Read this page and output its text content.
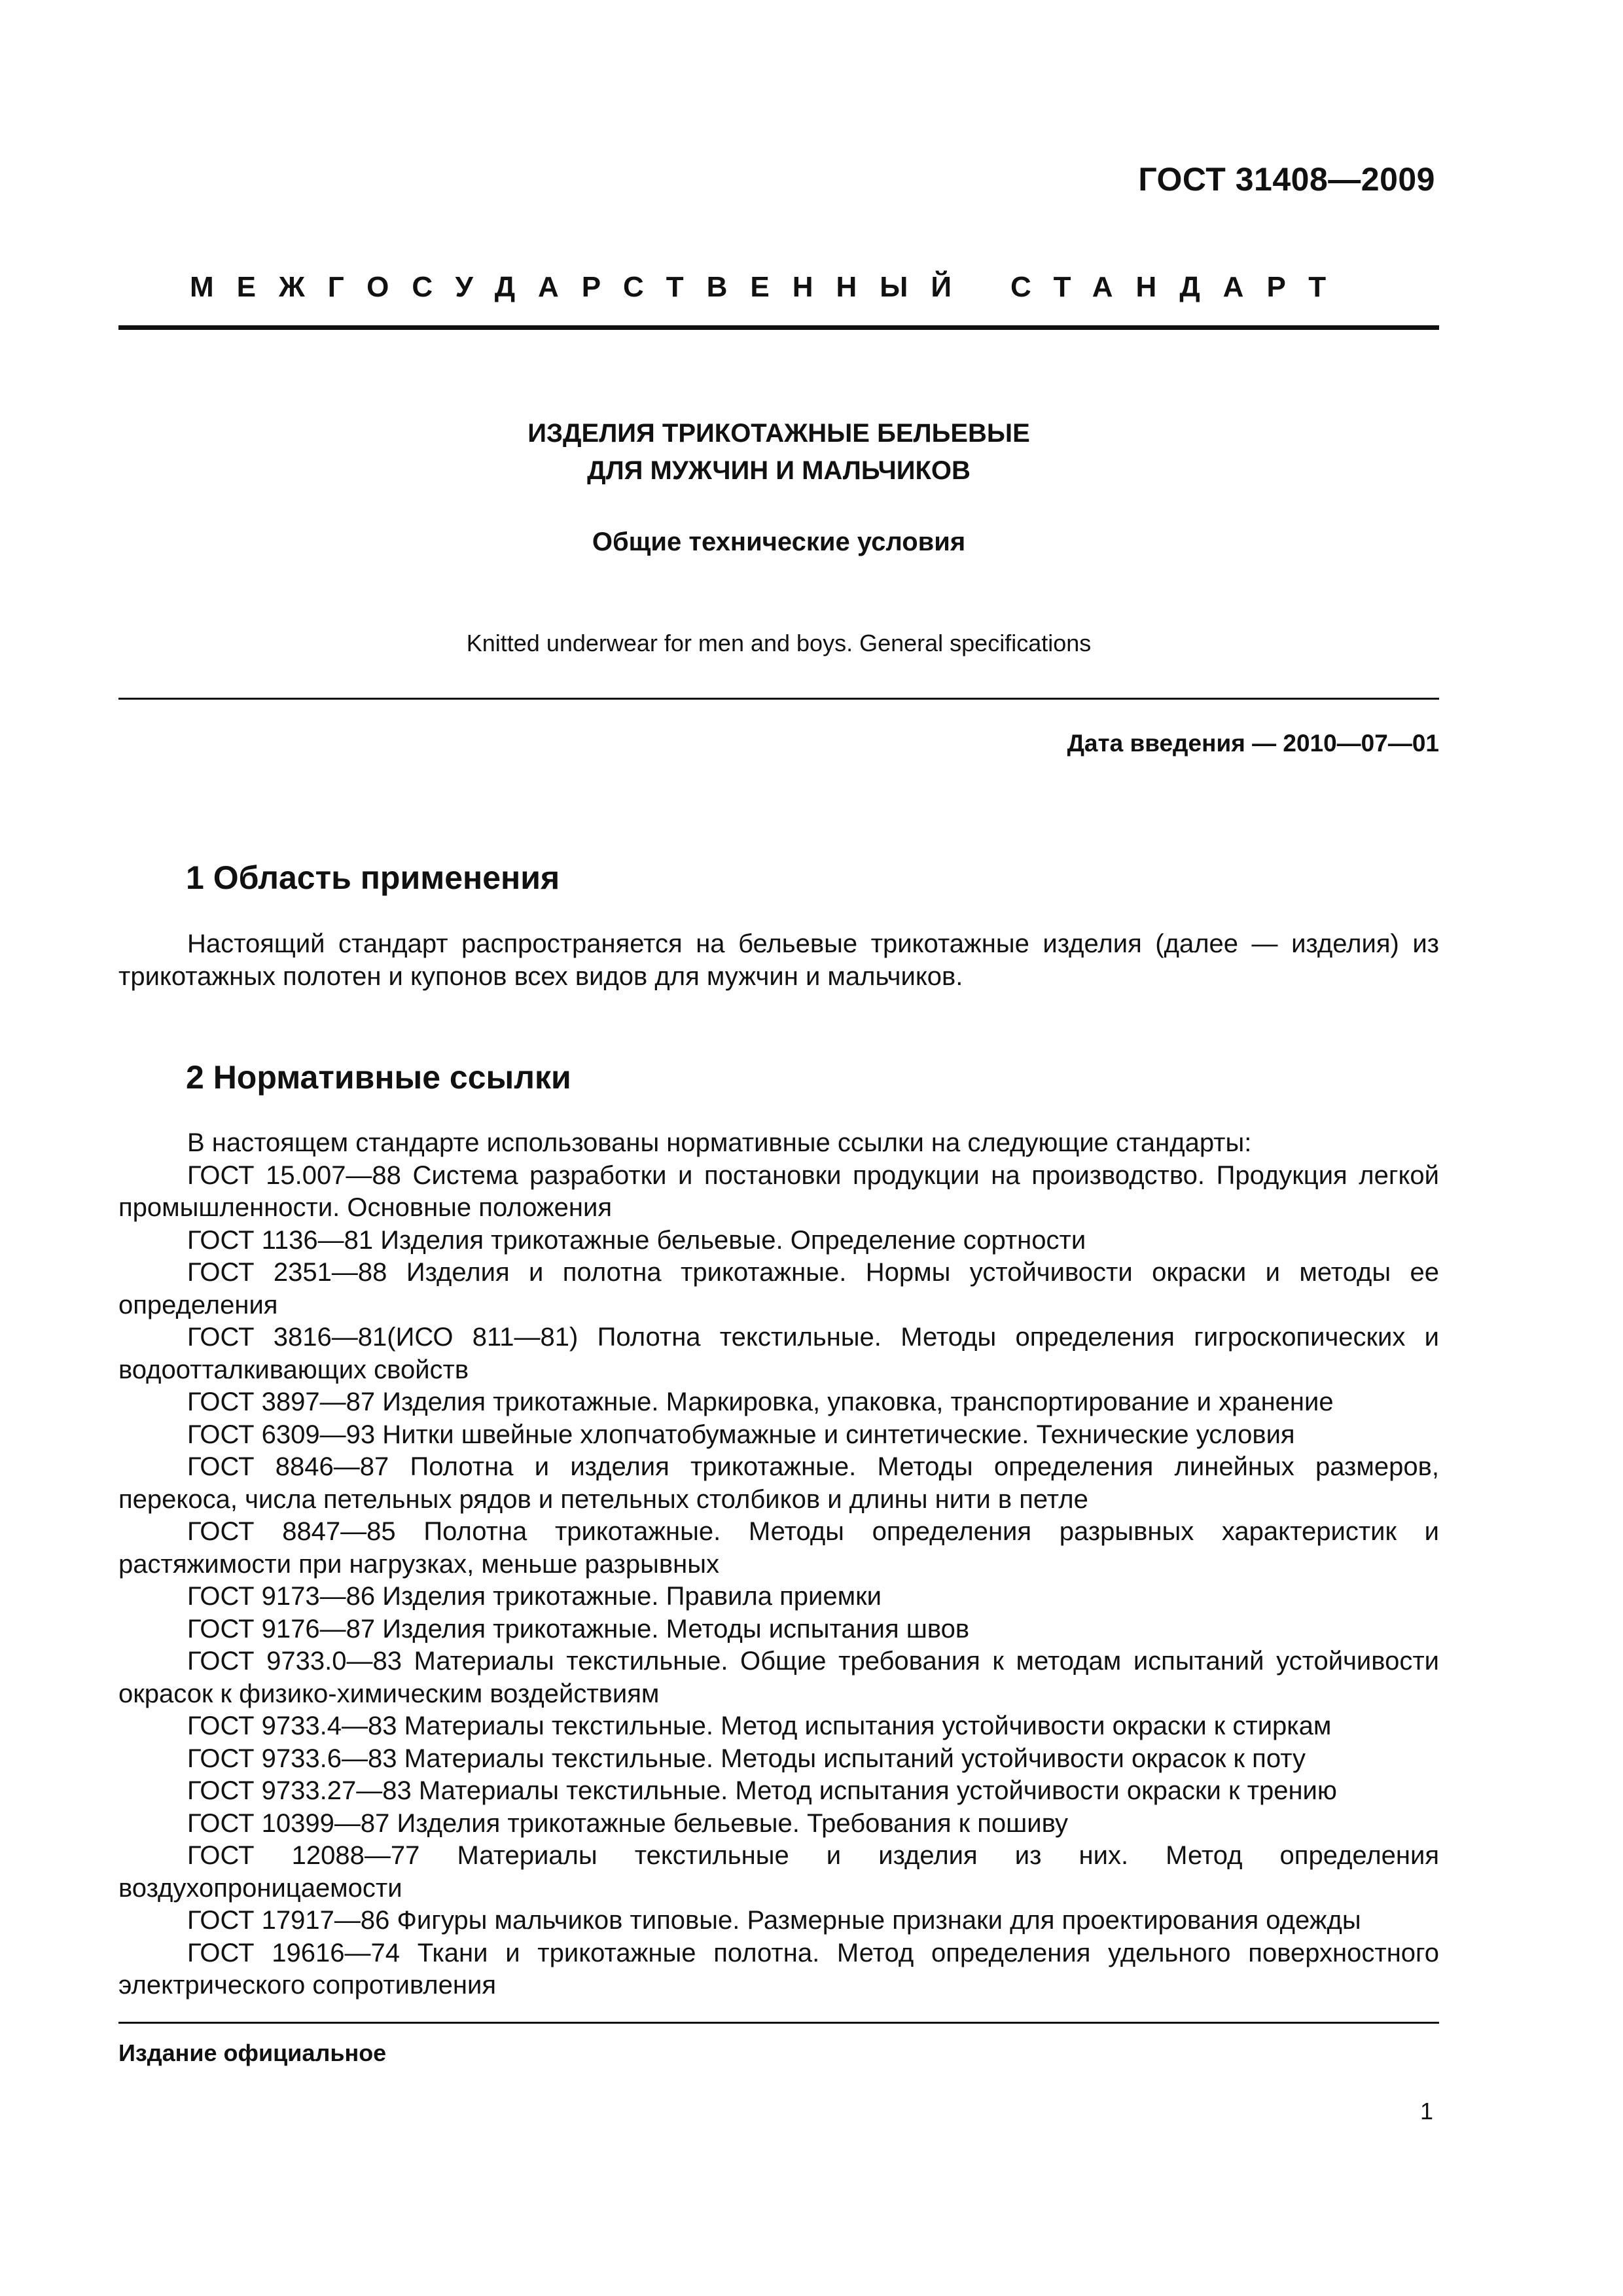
ГОСТ 31408—2009
МЕЖГОСУДАРСТВЕННЫЙ СТАНДАРТ
ИЗДЕЛИЯ ТРИКОТАЖНЫЕ БЕЛЬЕВЫЕ
ДЛЯ МУЖЧИН И МАЛЬЧИКОВ
Общие технические условия
Knitted underwear for men and boys. General specifications
Дата введения — 2010—07—01
1 Область применения

Настоящий стандарт распространяется на бельевые трикотажные изделия (далее — изделия) из трикотажных полотен и купонов всех видов для мужчин и мальчиков.

2 Нормативные ссылки

В настоящем стандарте использованы нормативные ссылки на следующие стандарты:

ГОСТ 15.007—88 Система разработки и постановки продукции на производство. Продукция легкой промышленности. Основные положения

ГОСТ 1136—81 Изделия трикотажные бельевые. Определение сортности

ГОСТ 2351—88 Изделия и полотна трикотажные. Нормы устойчивости окраски и методы ее определения

ГОСТ 3816—81(ИСО 811—81) Полотна текстильные. Методы определения гигроскопических и водоотталкивающих свойств

ГОСТ 3897—87 Изделия трикотажные. Маркировка, упаковка, транспортирование и хранение

ГОСТ 6309—93 Нитки швейные хлопчатобумажные и синтетические. Технические условия

ГОСТ 8846—87 Полотна и изделия трикотажные. Методы определения линейных размеров, перекоса, числа петельных рядов и петельных столбиков и длины нити в петле

ГОСТ 8847—85 Полотна трикотажные. Методы определения разрывных характеристик и растяжимости при нагрузках, меньше разрывных

ГОСТ 9173—86 Изделия трикотажные. Правила приемки

ГОСТ 9176—87 Изделия трикотажные. Методы испытания швов

ГОСТ 9733.0—83 Материалы текстильные. Общие требования к методам испытаний устойчивости окрасок к физико-химическим воздействиям

ГОСТ 9733.4—83 Материалы текстильные. Метод испытания устойчивости окраски к стиркам

ГОСТ 9733.6—83 Материалы текстильные. Методы испытаний устойчивости окрасок к поту

ГОСТ 9733.27—83 Материалы текстильные. Метод испытания устойчивости окраски к трению

ГОСТ 10399—87 Изделия трикотажные бельевые. Требования к пошиву

ГОСТ 12088—77 Материалы текстильные и изделия из них. Метод определения воздухопроницаемости

ГОСТ 17917—86 Фигуры мальчиков типовые. Размерные признаки для проектирования одежды

ГОСТ 19616—74 Ткани и трикотажные полотна. Метод определения удельного поверхностного электрического сопротивления

Издание официальное
1
